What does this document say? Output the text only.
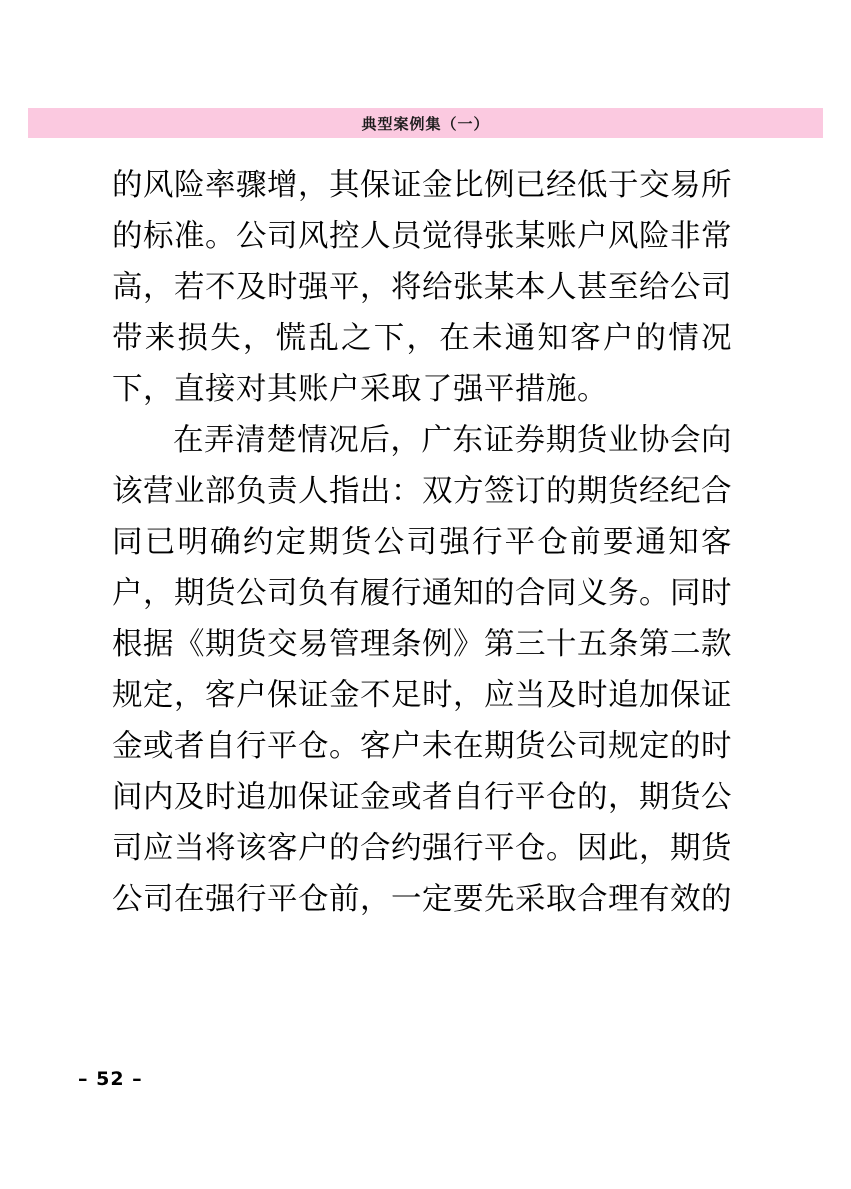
典型案例集（一）

的风险率骤增，其保证金比例已经低于交易所的标准。公司风控人员觉得张某账户风险非常高，若不及时强平，将给张某本人甚至给公司带来损失，慌乱之下，在未通知客户的情况下，直接对其账户采取了强平措施。

在弄清楚情况后，广东证券期货业协会向该营业部负责人指出：双方签订的期货经纪合同已明确约定期货公司强行平仓前要通知客户，期货公司负有履行通知的合同义务。同时根据《期货交易管理条例》第三十五条第二款规定，客户保证金不足时，应当及时追加保证金或者自行平仓。客户未在期货公司规定的时间内及时追加保证金或者自行平仓的，期货公司应当将该客户的合约强行平仓。因此，期货公司在强行平仓前，一定要先采取合理有效的

– 52 –
